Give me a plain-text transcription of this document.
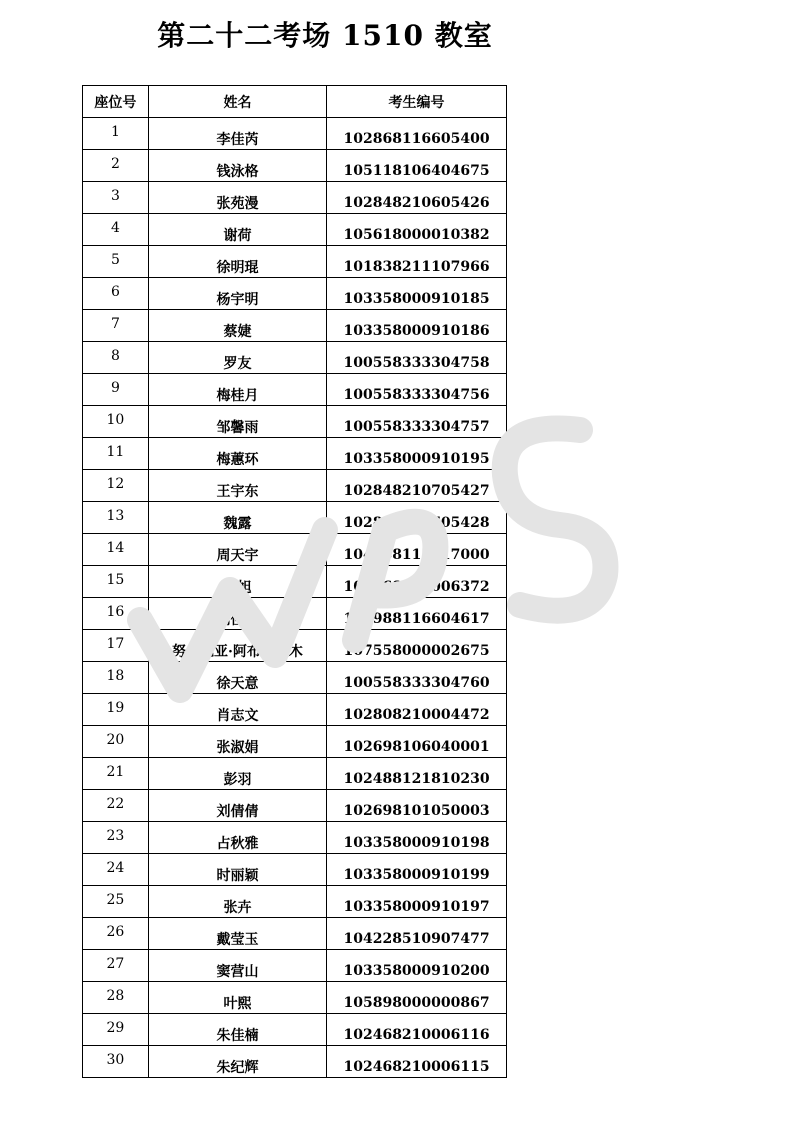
第二十二考场 1510 教室
座位号	姓名	考生编号

1	李佳芮	102868116605400

2	钱泳格	105118106404675

3	张苑漫	102848210605426

4	谢荷	105618000010382

5	徐明琨	101838211107966

6	杨宇明	103358000910185

7	蔡婕	103358000910186

8	罗友	100558333304758

9	梅桂月	100558333304756

10	邹馨雨	100558333304757

11	梅蕙环	103358000910195

12	王宇东	102848210705427

13	魏露	102848210705428

14	周天宇	104868117017000

15	伦旭	102468210006372

16	刘佳敏	106988116604617

17	努尔比亚·阿布力克木	107558000002675

18	徐天意	100558333304760

19	肖志文	102808210004472

20	张淑娟	102698106040001

21	彭羽	102488121810230

22	刘倩倩	102698101050003

23	占秋雅	103358000910198

24	时丽颖	103358000910199

25	张卉	103358000910197

26	戴莹玉	104228510907477

27	窦营山	103358000910200

28	叶熙	105898000000867

29	朱佳楠	102468210006116

30	朱纪辉	102468210006115
